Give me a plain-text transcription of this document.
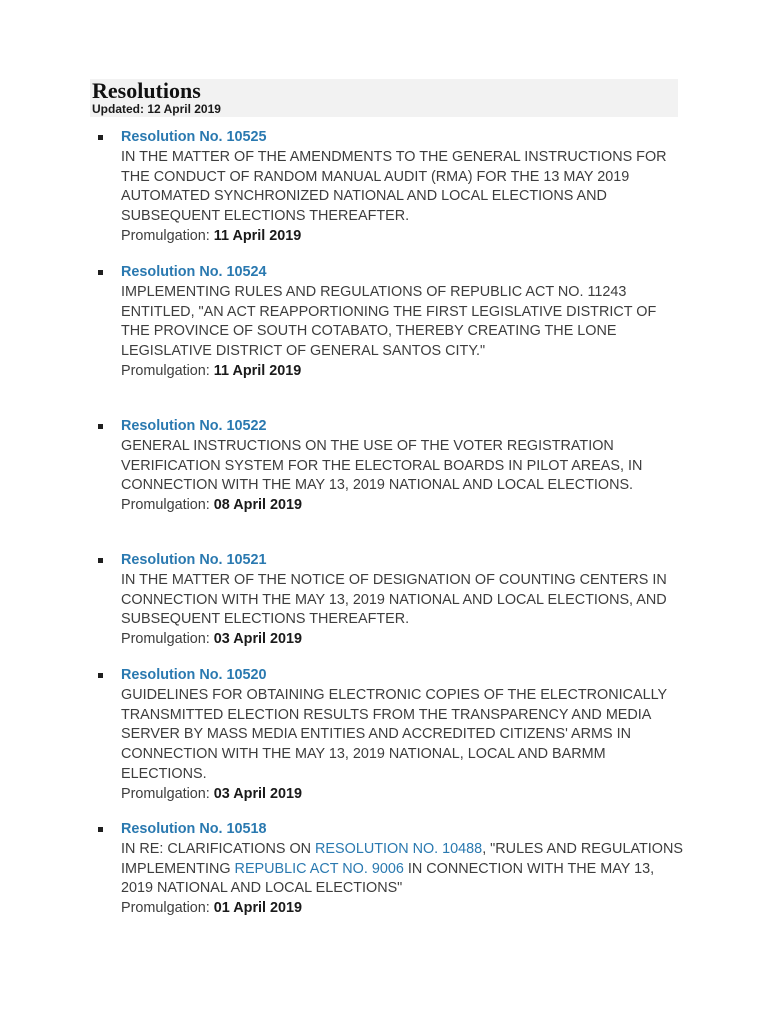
Resolutions
Updated: 12 April 2019
Resolution No. 10525
IN THE MATTER OF THE AMENDMENTS TO THE GENERAL INSTRUCTIONS FOR THE CONDUCT OF RANDOM MANUAL AUDIT (RMA) FOR THE 13 MAY 2019 AUTOMATED SYNCHRONIZED NATIONAL AND LOCAL ELECTIONS AND SUBSEQUENT ELECTIONS THEREAFTER.
Promulgation: 11 April 2019
Resolution No. 10524
IMPLEMENTING RULES AND REGULATIONS OF REPUBLIC ACT NO. 11243 ENTITLED, "AN ACT REAPPORTIONING THE FIRST LEGISLATIVE DISTRICT OF THE PROVINCE OF SOUTH COTABATO, THEREBY CREATING THE LONE LEGISLATIVE DISTRICT OF GENERAL SANTOS CITY."
Promulgation: 11 April 2019
Resolution No. 10522
GENERAL INSTRUCTIONS ON THE USE OF THE VOTER REGISTRATION VERIFICATION SYSTEM FOR THE ELECTORAL BOARDS IN PILOT AREAS, IN CONNECTION WITH THE MAY 13, 2019 NATIONAL AND LOCAL ELECTIONS.
Promulgation: 08 April 2019
Resolution No. 10521
IN THE MATTER OF THE NOTICE OF DESIGNATION OF COUNTING CENTERS IN CONNECTION WITH THE MAY 13, 2019 NATIONAL AND LOCAL ELECTIONS, AND SUBSEQUENT ELECTIONS THEREAFTER.
Promulgation: 03 April 2019
Resolution No. 10520
GUIDELINES FOR OBTAINING ELECTRONIC COPIES OF THE ELECTRONICALLY TRANSMITTED ELECTION RESULTS FROM THE TRANSPARENCY AND MEDIA SERVER BY MASS MEDIA ENTITIES AND ACCREDITED CITIZENS' ARMS IN CONNECTION WITH THE MAY 13, 2019 NATIONAL, LOCAL AND BARMM ELECTIONS.
Promulgation: 03 April 2019
Resolution No. 10518
IN RE: CLARIFICATIONS ON RESOLUTION NO. 10488, "RULES AND REGULATIONS IMPLEMENTING REPUBLIC ACT NO. 9006 IN CONNECTION WITH THE MAY 13, 2019 NATIONAL AND LOCAL ELECTIONS"
Promulgation: 01 April 2019
